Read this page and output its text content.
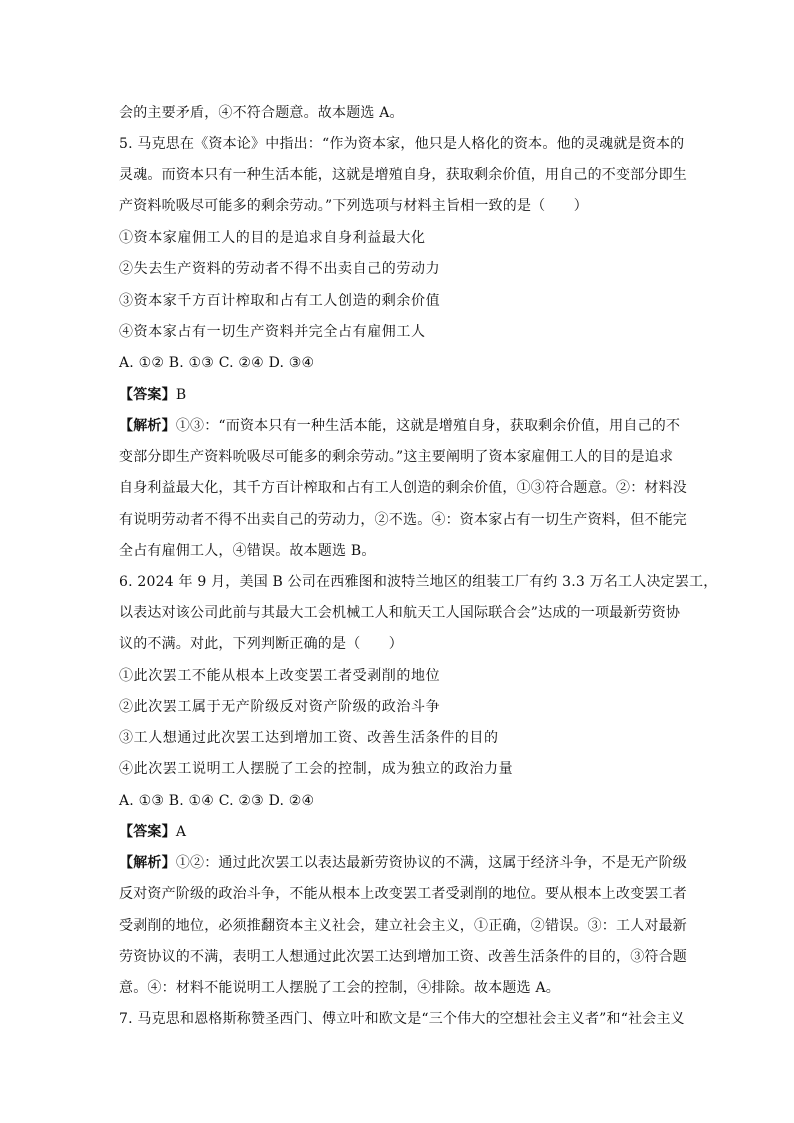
会的主要矛盾，④不符合题意。故本题选 A。
5. 马克思在《资本论》中指出：“作为资本家，他只是人格化的资本。他的灵魂就是资本的
灵魂。而资本只有一种生活本能，这就是增殖自身，获取剩余价值，用自己的不变部分即生
产资料吮吸尽可能多的剩余劳动。”下列选项与材料主旨相一致的是（　　）
①资本家雇佣工人的目的是追求自身利益最大化
②失去生产资料的劳动者不得不出卖自己的劳动力
③资本家千方百计榨取和占有工人创造的剩余价值
④资本家占有一切生产资料并完全占有雇佣工人
A. ①② B. ①③ C. ②④ D. ③④
【答案】B
【解析】①③：“而资本只有一种生活本能，这就是增殖自身，获取剩余价值，用自己的不
变部分即生产资料吮吸尽可能多的剩余劳动。”这主要阐明了资本家雇佣工人的目的是追求
自身利益最大化，其千方百计榨取和占有工人创造的剩余价值，①③符合题意。②：材料没
有说明劳动者不得不出卖自己的劳动力，②不选。④：资本家占有一切生产资料，但不能完
全占有雇佣工人，④错误。故本题选 B。
6. 2024 年 9 月，美国 B 公司在西雅图和波特兰地区的组装工厂有约 3.3 万名工人决定罢工，
以表达对该公司此前与其最大工会机械工人和航天工人国际联合会”达成的一项最新劳资协
议的不满。对此，下列判断正确的是（　　）
①此次罢工不能从根本上改变罢工者受剥削的地位
②此次罢工属于无产阶级反对资产阶级的政治斗争
③工人想通过此次罢工达到增加工资、改善生活条件的目的
④此次罢工说明工人摆脱了工会的控制，成为独立的政治力量
A. ①③ B. ①④ C. ②③ D. ②④
【答案】A
【解析】①②：通过此次罢工以表达最新劳资协议的不满，这属于经济斗争，不是无产阶级
反对资产阶级的政治斗争，不能从根本上改变罢工者受剥削的地位。要从根本上改变罢工者
受剥削的地位，必须推翻资本主义社会，建立社会主义，①正确，②错误。③：工人对最新
劳资协议的不满，表明工人想通过此次罢工达到增加工资、改善生活条件的目的，③符合题
意。④：材料不能说明工人摆脱了工会的控制，④排除。故本题选 A。
7. 马克思和恩格斯称赞圣西门、傅立叶和欧文是“三个伟大的空想社会主义者”和“社会主义
